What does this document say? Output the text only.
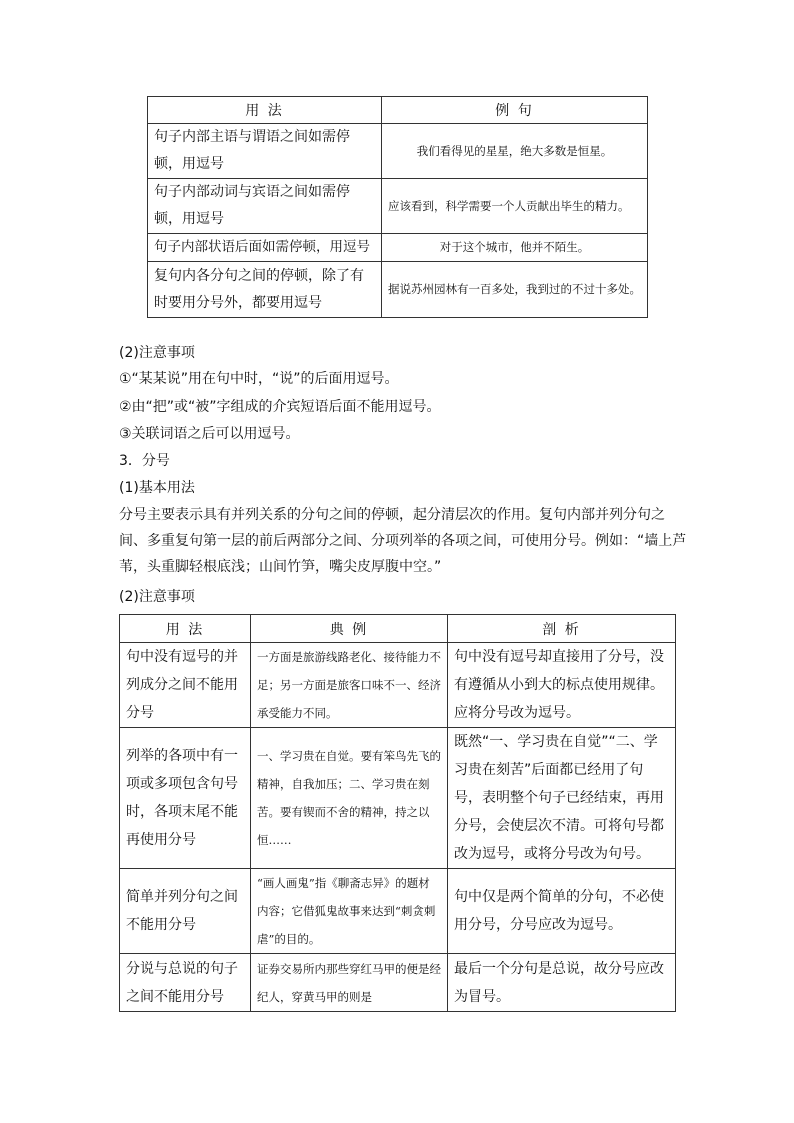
用 法	例 句
句子内部主语与谓语之间如需停顿，用逗号	我们看得见的星星，绝大多数是恒星。
句子内部动词与宾语之间如需停顿，用逗号	应该看到，科学需要一个人贡献出毕生的精力。
句子内部状语后面如需停顿，用逗号	对于这个城市，他并不陌生。
复句内各分句之间的停顿，除了有时要用分号外，都要用逗号	据说苏州园林有一百多处，我到过的不过十多处。
(2)注意事项
①“某某说”用在句中时，“说”的后面用逗号。
②由“把”或“被”字组成的介宾短语后面不能用逗号。
③关联词语之后可以用逗号。
3．分号
(1)基本用法
分号主要表示具有并列关系的分句之间的停顿，起分清层次的作用。复句内部并列分句之间、多重复句第一层的前后两部分之间、分项列举的各项之间，可使用分号。例如：“墙上芦苇，头重脚轻根底浅；山间竹笋，嘴尖皮厚腹中空。”
(2)注意事项
用 法	典 例	剖 析
句中没有逗号的并列成分之间不能用分号	一方面是旅游线路老化、接待能力不足；另一方面是旅客口味不一、经济承受能力不同。	句中没有逗号却直接用了分号，没有遵循从小到大的标点使用规律。应将分号改为逗号。
列举的各项中有一项或多项包含句号时，各项末尾不能再使用分号	一、学习贵在自觉。要有笨鸟先飞的精神，自我加压；二、学习贵在刻苦。要有锲而不舍的精神，持之以恒……	既然“一、学习贵在自觉”“二、学习贵在刻苦”后面都已经用了句号，表明整个句子已经结束，再用分号，会使层次不清。可将句号都改为逗号，或将分号改为句号。
简单并列分句之间不能用分号	“画人画鬼”指《聊斋志异》的题材内容；它借狐鬼故事来达到“刺贪刺虐”的目的。	句中仅是两个简单的分句，不必使用分号，分号应改为逗号。
分说与总说的句子之间不能用分号	证券交易所内那些穿红马甲的便是经纪人，穿黄马甲的则是	最后一个分句是总说，故分号应改为冒号。
